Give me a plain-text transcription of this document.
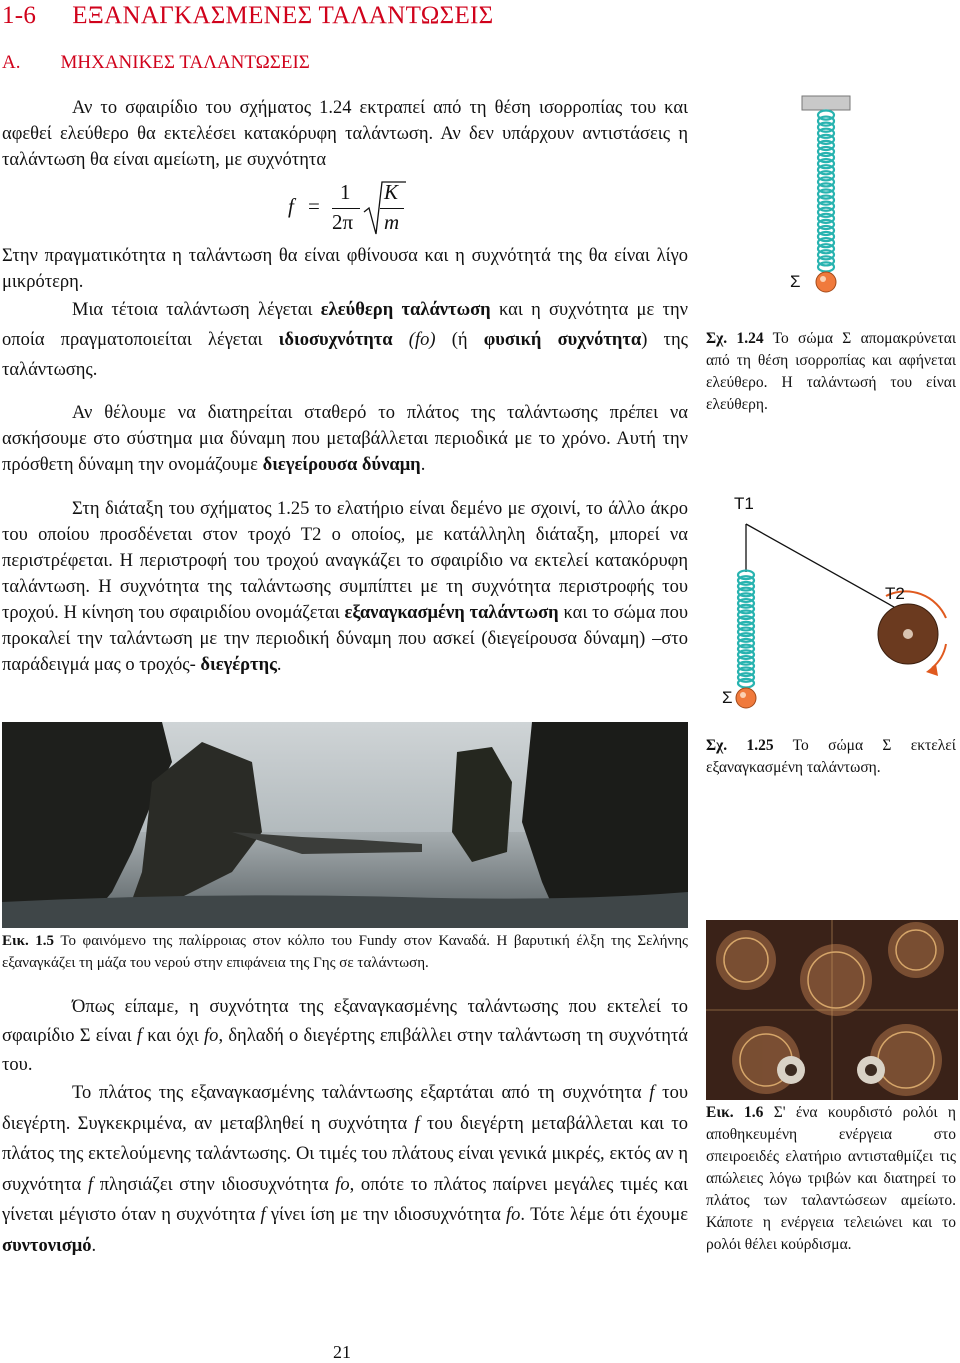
1-6 ΕΞΑΝΑΓΚΑΣΜΕΝΕΣ ΤΑΛΑΝΤΩΣΕΙΣ
Α. ΜΗΧΑΝΙΚΕΣ ΤΑΛΑΝΤΩΣΕΙΣ
Αν το σφαιρίδιο του σχήματος 1.24 εκτραπεί από τη θέση ισορροπίας του και αφεθεί ελεύθερο θα εκτελέσει κατακόρυφη ταλάντωση. Αν δεν υπάρχουν αντιστάσεις η ταλάντωση θα είναι αμείωτη, με συχνότητα
f =
1
2π
K
m
Στην πραγματικότητα η ταλάντωση θα είναι φθίνουσα και η συχνότητά της θα είναι λίγο μικρότερη.
Μια τέτοια ταλάντωση λέγεται ελεύθερη ταλάντωση και η συχνότητα με την οποία πραγματοποιείται λέγεται ιδιοσυχνότητα (fo) (ή φυσική συχνότητα) της ταλάντωσης.
Αν θέλουμε να διατηρείται σταθερό το πλάτος της ταλάντωσης πρέπει να ασκήσουμε στο σύστημα μια δύναμη που μεταβάλλεται περιοδικά με το χρόνο. Αυτή την πρόσθετη δύναμη την ονομάζουμε διεγείρουσα δύναμη.
Στη διάταξη του σχήματος 1.25 το ελατήριο είναι δεμένο με σχοινί, το άλλο άκρο του οποίου προσδένεται στον τροχό Τ2 ο οποίος, με κατάλληλη διάταξη, μπορεί να περιστρέφεται. Η περιστροφή του τροχού αναγκάζει το σφαιρίδιο να εκτελεί κατακόρυφη ταλάντωση. Η συχνότητα της ταλάντωσης συμπίπτει με τη συχνότητα περιστροφής του τροχού. Η κίνηση του σφαιριδίου ονομάζεται εξαναγκασμένη ταλάντωση και το σώμα που προκαλεί την ταλάντωση με την περιοδική δύναμη που ασκεί (διεγείρουσα δύναμη) –στο παράδειγμά μας ο τροχός- διεγέρτης.
Σ
Σχ. 1.24 Το σώμα Σ απομακρύνεται από τη θέση ισορροπίας και αφήνεται ελεύθερο. Η ταλάντωσή του είναι ελεύθερη.
Τ1
Τ2
Σ
Σχ. 1.25 Το σώμα Σ εκτελεί εξαναγκασμένη ταλάντωση.
Εικ. 1.5 Το φαινόμενο της παλίρροιας στον κόλπο του Fundy στον Καναδά. Η βαρυτική έλξη της Σελήνης εξαναγκάζει τη μάζα του νερού στην επιφάνεια της Γης σε ταλάντωση.
Εικ. 1.6 Σ' ένα κουρδιστό ρολόι η αποθηκευμένη ενέργεια στο σπειροειδές ελατήριο αντισταθμίζει τις απώλειες λόγω τριβών και διατηρεί το πλάτος των ταλαντώσεων αμείωτο. Κάποτε η ενέργεια τελειώνει και το ρολόι θέλει κούρδισμα.
Όπως είπαμε, η συχνότητα της εξαναγκασμένης ταλάντωσης που εκτελεί το σφαιρίδιο Σ είναι f και όχι fo, δηλαδή ο διεγέρτης επιβάλλει στην ταλάντωση τη συχνότητά του.
Το πλάτος της εξαναγκασμένης ταλάντωσης εξαρτάται από τη συχνότητα f του διεγέρτη. Συγκεκριμένα, αν μεταβληθεί η συχνότητα f του διεγέρτη μεταβάλλεται και το πλάτος της εκτελούμενης ταλάντωσης. Οι τιμές του πλάτους είναι γενικά μικρές, εκτός αν η συχνότητα f πλησιάζει στην ιδιοσυχνότητα fo, οπότε το πλάτος παίρνει μεγάλες τιμές και γίνεται μέγιστο όταν η συχνότητα f γίνει ίση με την ιδιοσυχνότητα fo. Τότε λέμε ότι έχουμε συντονισμό.
21
